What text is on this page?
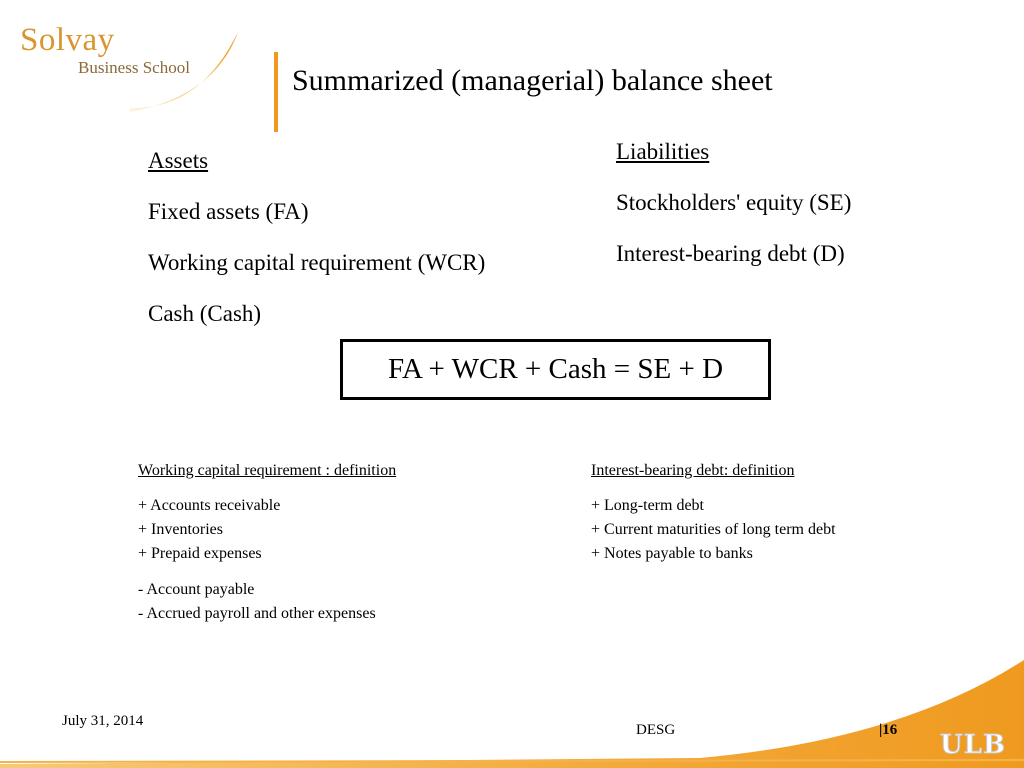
Solvay
Business School	Summarized (managerial) balance sheet
Assets
Fixed assets (FA)
Working capital requirement (WCR)
Cash (Cash)
Liabilities
Stockholders' equity (SE)
Interest-bearing debt (D)
FA + WCR + Cash = SE + D
Working capital requirement : definition
+ Accounts receivable
+ Inventories
+ Prepaid expenses
- Account payable
- Accrued payroll and other expenses
Interest-bearing debt: definition
+ Long-term debt
+ Current maturities of long term debt
+ Notes payable to banks
July 31, 2014
DESG	|16 ULB
